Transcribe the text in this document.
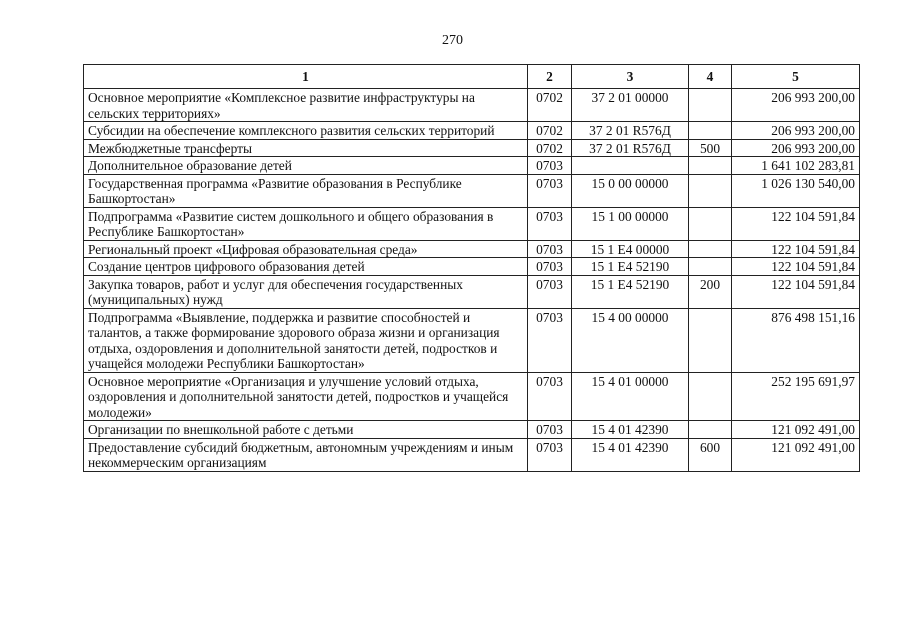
270
1	2	3	4	5
Основное мероприятие «Комплексное развитие инфраструктуры на сельских территориях»	0702	37 2 01 00000		206 993 200,00
Субсидии на обеспечение комплексного развития сельских территорий	0702	37 2 01 R576Д		206 993 200,00
Межбюджетные трансферты	0702	37 2 01 R576Д	500	206 993 200,00
Дополнительное образование детей	0703			1 641 102 283,81
Государственная программа «Развитие образования в Республике Башкортостан»	0703	15 0 00 00000		1 026 130 540,00
Подпрограмма «Развитие систем дошкольного и общего образования в Республике Башкортостан»	0703	15 1 00 00000		122 104 591,84
Региональный проект «Цифровая образовательная среда»	0703	15 1 E4 00000		122 104 591,84
Создание центров цифрового образования детей	0703	15 1 E4 52190		122 104 591,84
Закупка товаров, работ и услуг для обеспечения государственных (муниципальных) нужд	0703	15 1 E4 52190	200	122 104 591,84
Подпрограмма «Выявление, поддержка и развитие способностей и талантов, а также формирование здорового образа жизни и организация отдыха, оздоровления и дополнительной занятости детей, подростков и учащейся молодежи Республики Башкортостан»	0703	15 4 00 00000		876 498 151,16
Основное мероприятие «Организация и улучшение условий отдыха, оздоровления и дополнительной занятости детей, подростков и учащейся молодежи»	0703	15 4 01 00000		252 195 691,97
Организации по внешкольной работе с детьми	0703	15 4 01 42390		121 092 491,00
Предоставление субсидий бюджетным, автономным учреждениям и иным некоммерческим организациям	0703	15 4 01 42390	600	121 092 491,00
